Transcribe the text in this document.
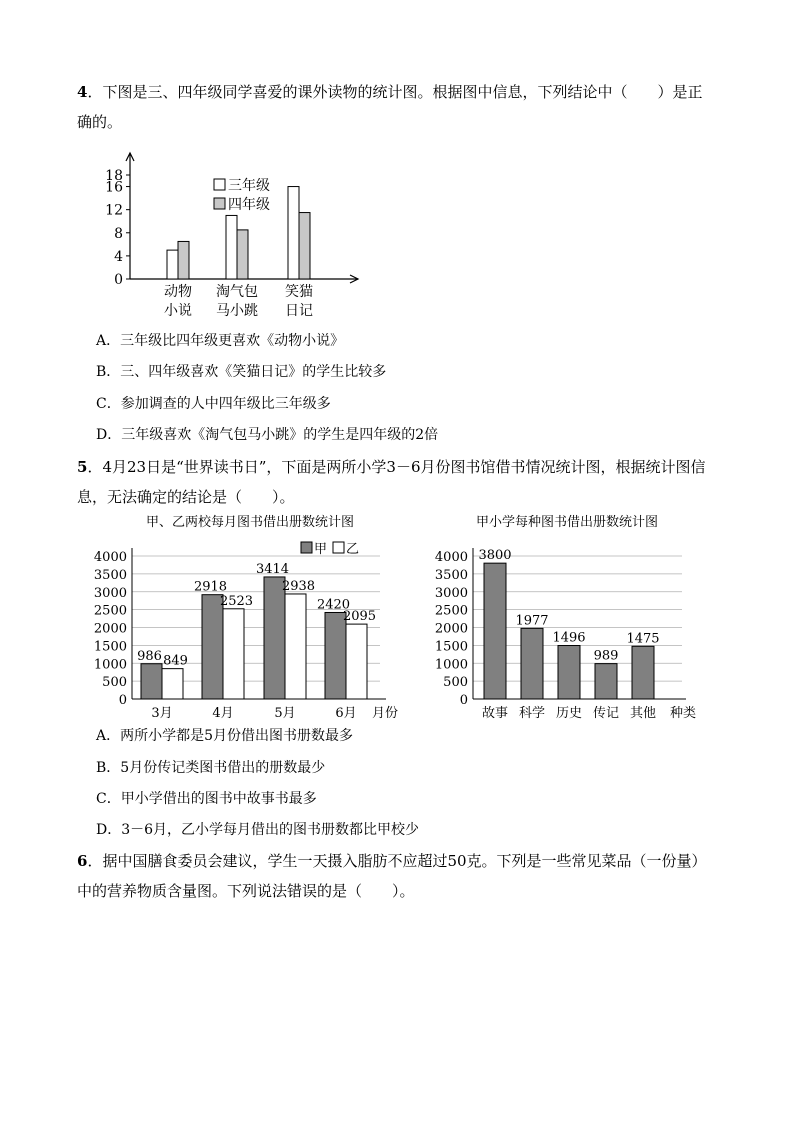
4．下图是三、四年级同学喜爱的课外读物的统计图。根据图中信息，下列结论中（　　）是正确的。
0
4
8
12
16
18
动物
小说
淘气包
马小跳
笑猫
日记
三年级
四年级
A．三年级比四年级更喜欢《动物小说》
B．三、四年级喜欢《笑猫日记》的学生比较多
C．参加调查的人中四年级比三年级多
D．三年级喜欢《淘气包马小跳》的学生是四年级的2倍
5．4月23日是“世界读书日”，下面是两所小学3－6月份图书馆借书情况统计图，根据统计图信息，无法确定的结论是（　　）。
甲、乙两校每月图书借出册数统计图
0
500
1000
1500
2000
2500
3000
3500
4000
986 849
3月
2918
2523
4月
3414
2938
5月
2420
2095
6月 月份
甲 乙
甲小学每种图书借出册数统计图
0
500
1000
1500
2000
2500
3000
3500
4000 3800
故事
1977
科学
1496
历史
989
传记
1475
其他 种类
A．两所小学都是5月份借出图书册数最多
B．5月份传记类图书借出的册数最少
C．甲小学借出的图书中故事书最多
D．3－6月，乙小学每月借出的图书册数都比甲校少
6．据中国膳食委员会建议，学生一天摄入脂肪不应超过50克。下列是一些常见菜品（一份量）中的营养物质含量图。下列说法错误的是（　　）。
